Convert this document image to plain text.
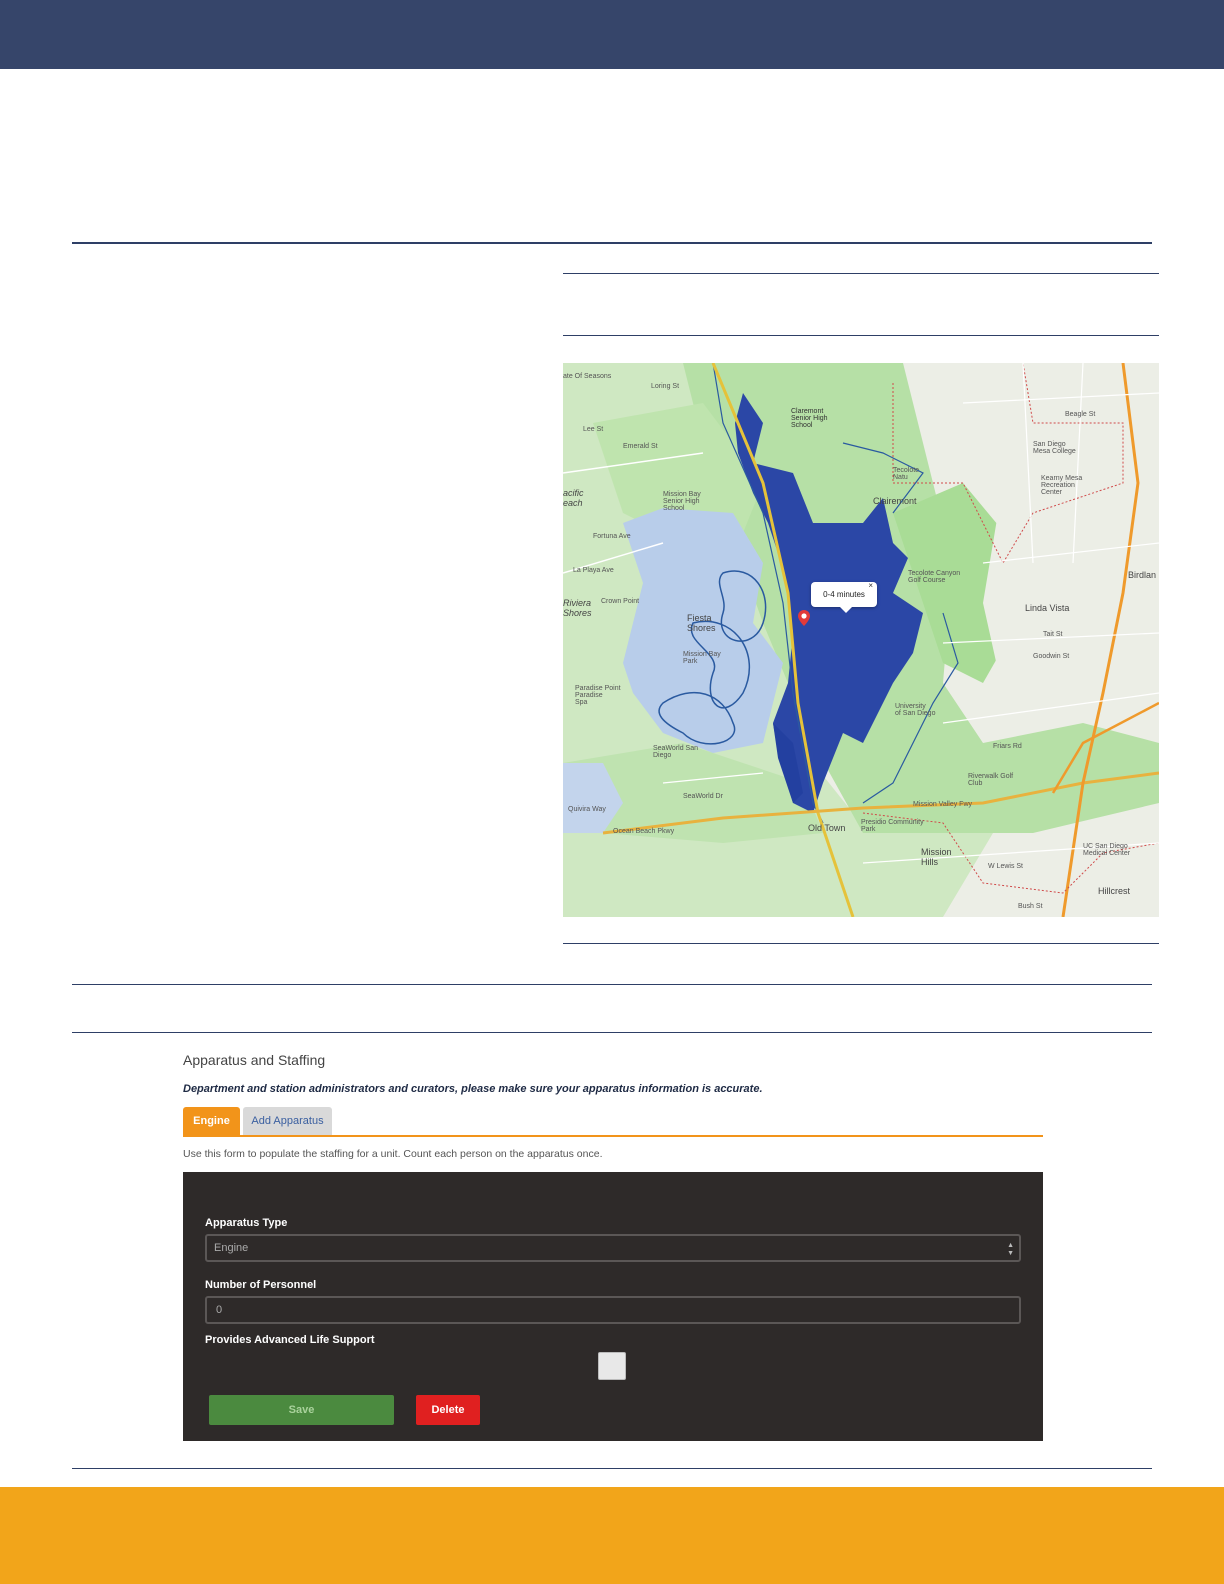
ate Of Seasons
Loring St
Lee St
Emerald St
acific
each
Fortuna Ave
Mission Bay
Senior High
School
La Playa Ave
Crown Point
Riviera
Shores	Fiesta
Shores
Mission Bay
Park
Paradise Point
Paradise
Spa
SeaWorld San
Diego
SeaWorld Dr
Quivira Way
Ocean Beach Pkwy	Old Town
Claremont
Senior High
School
Clairemont
Tecolote
Natu
Tecolote Canyon
Golf Course
Linda Vista
University
of San Diego
Riverwalk Golf
Club
Mission Valley Fwy
Mission
Hills
Presidio Community
Park
W Lewis St
Hillcrest
Bush St
San Diego
Mesa College
Kearny Mesa
Recreation
Center
Birdlan
UC San Diego
Medical Center
Beagle St
Goodwin St
Tait St
Friars Rd
0-4 minutes
×
Apparatus and Staffing
Department and station administrators and curators, please make sure your apparatus information is accurate.
Engine	Add Apparatus
Use this form to populate the staffing for a unit. Count each person on the apparatus once.
Apparatus Type
Engine	▲
▼
Number of Personnel
0
Provides Advanced Life Support
Save	Delete
